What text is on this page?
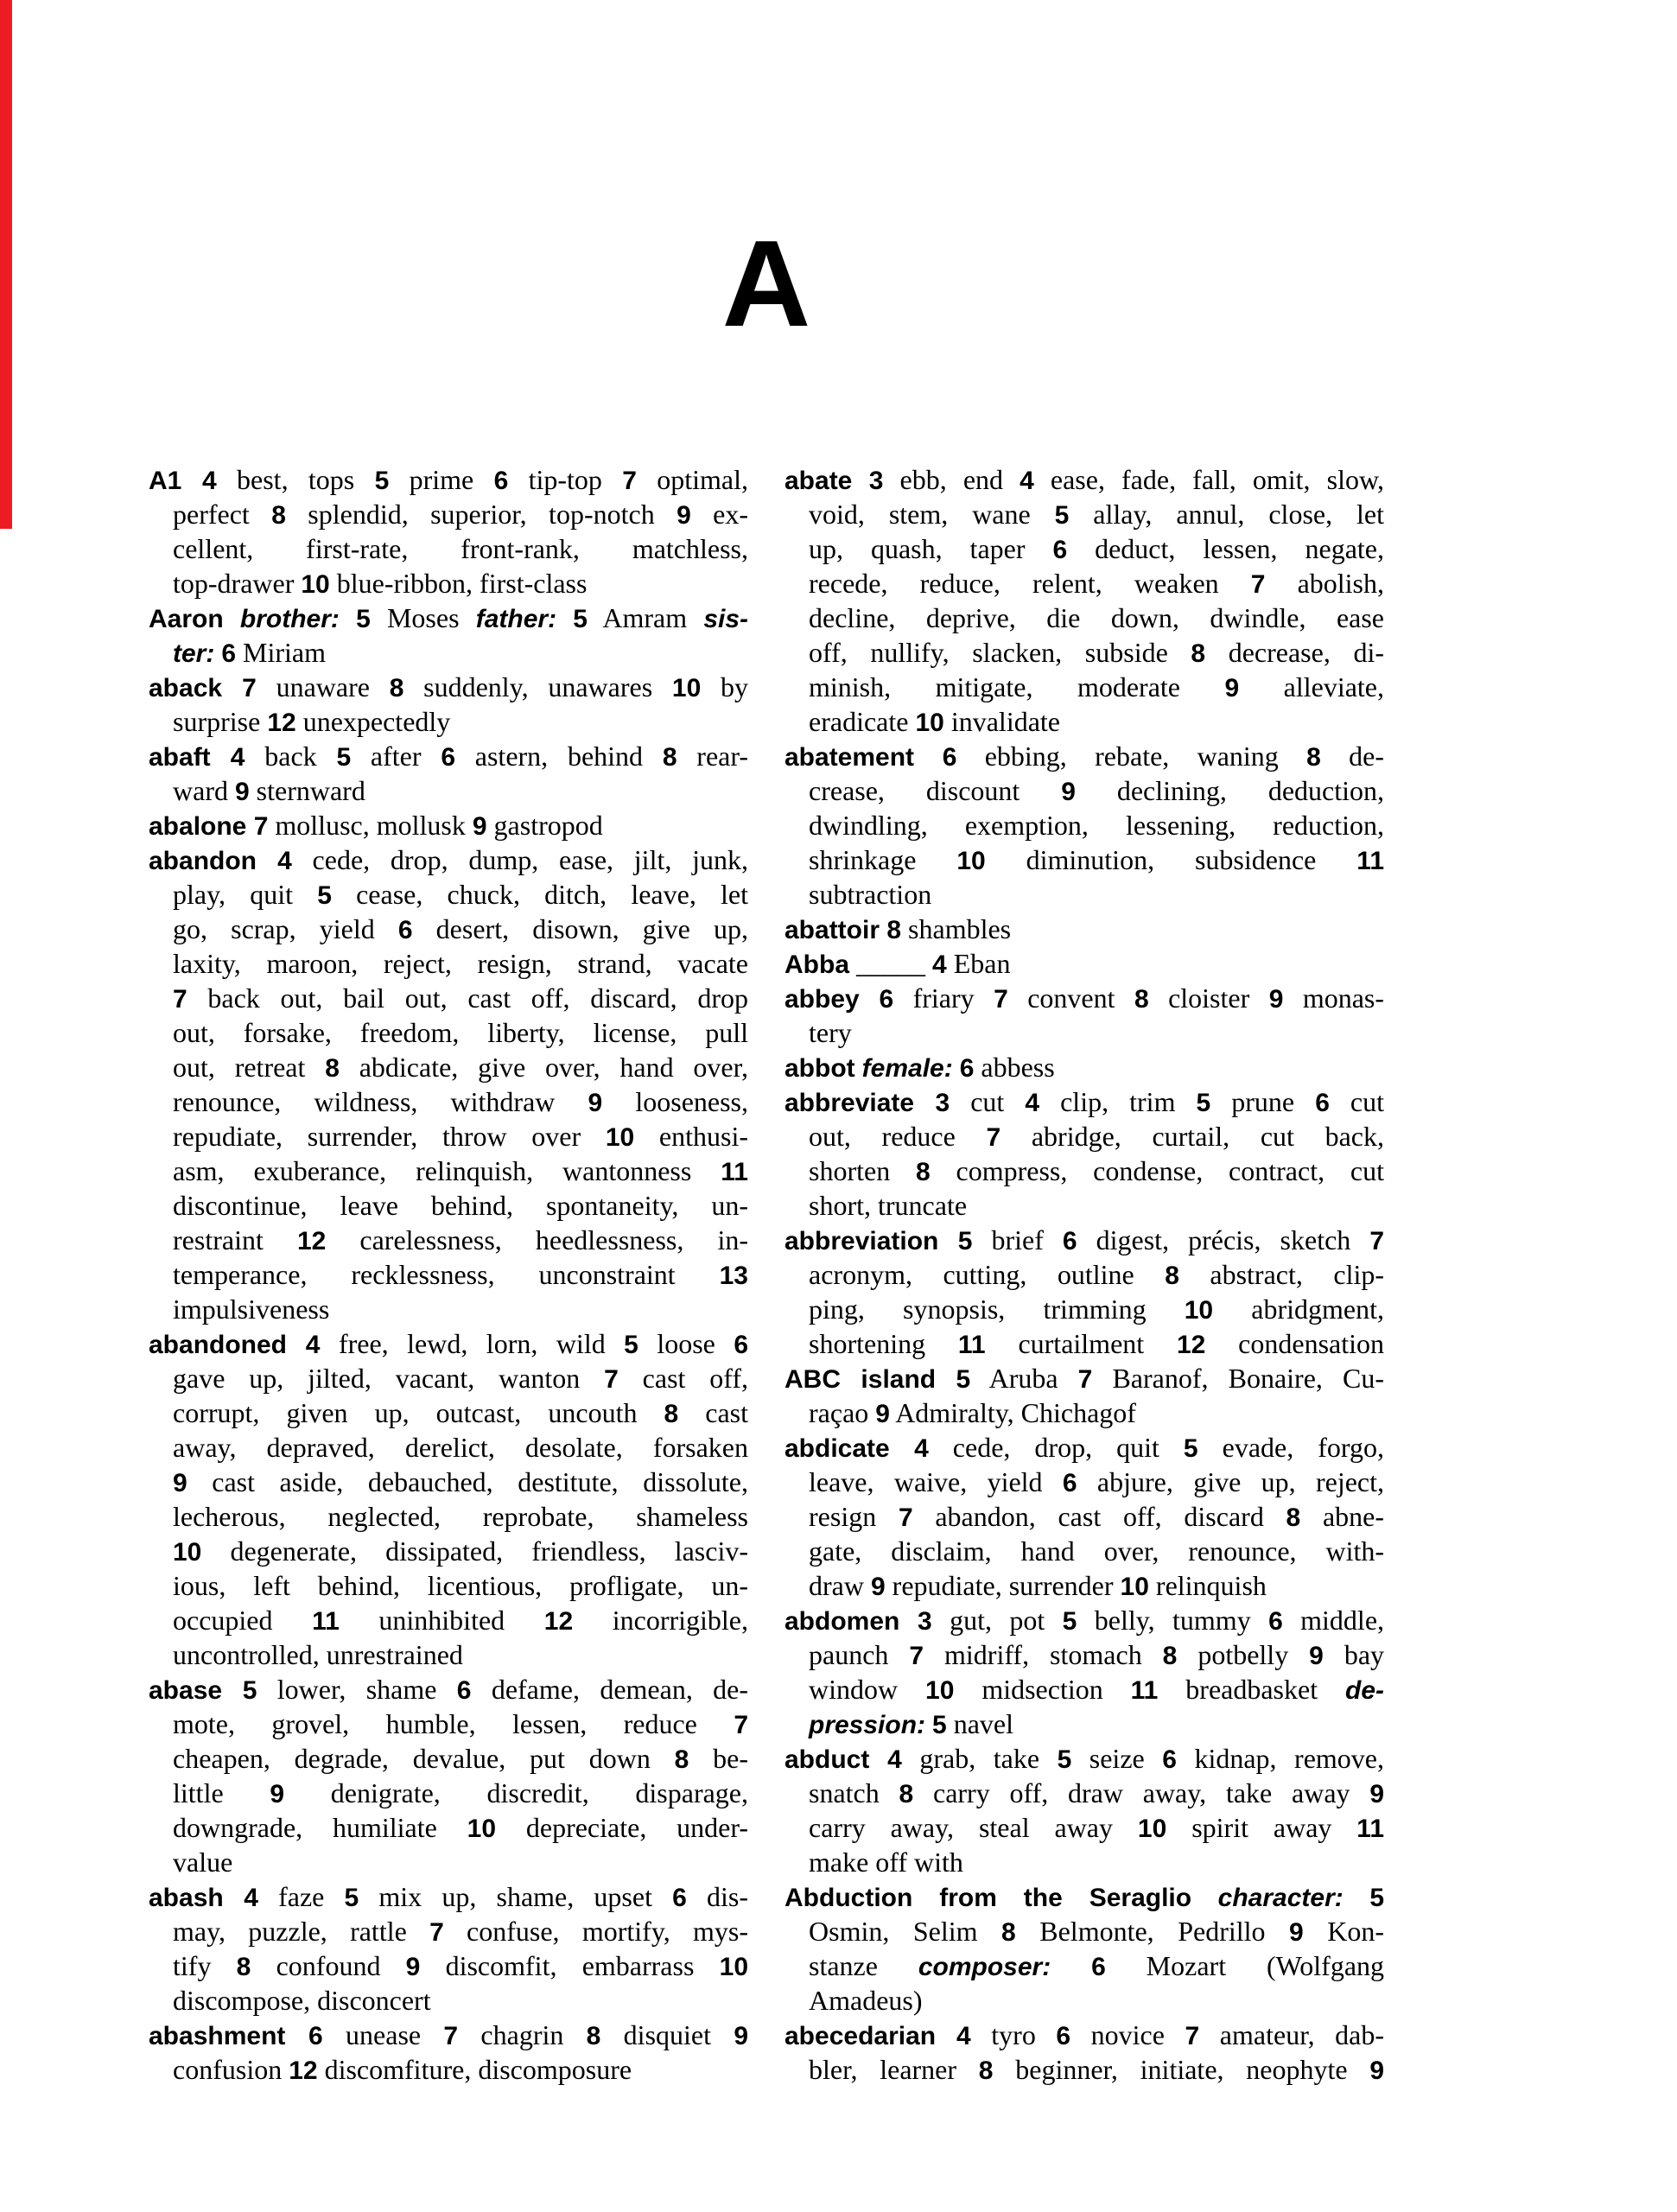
A
A1 4 best, tops 5 prime 6 tip-top 7 optimal,
perfect 8 splendid, superior, top-notch 9 ex-
cellent, first-rate, front-rank, matchless,
top-drawer 10 blue-ribbon, first-class
Aaron brother: 5 Moses father: 5 Amram sis-
ter: 6 Miriam
aback 7 unaware 8 suddenly, unawares 10 by
surprise 12 unexpectedly
abaft 4 back 5 after 6 astern, behind 8 rear-
ward 9 sternward
abalone 7 mollusc, mollusk 9 gastropod
abandon 4 cede, drop, dump, ease, jilt, junk,
play, quit 5 cease, chuck, ditch, leave, let
go, scrap, yield 6 desert, disown, give up,
laxity, maroon, reject, resign, strand, vacate
7 back out, bail out, cast off, discard, drop
out, forsake, freedom, liberty, license, pull
out, retreat 8 abdicate, give over, hand over,
renounce, wildness, withdraw 9 looseness,
repudiate, surrender, throw over 10 enthusi-
asm, exuberance, relinquish, wantonness 11
discontinue, leave behind, spontaneity, un-
restraint 12 carelessness, heedlessness, in-
temperance, recklessness, unconstraint 13
impulsiveness
abandoned 4 free, lewd, lorn, wild 5 loose 6
gave up, jilted, vacant, wanton 7 cast off,
corrupt, given up, outcast, uncouth 8 cast
away, depraved, derelict, desolate, forsaken
9 cast aside, debauched, destitute, dissolute,
lecherous, neglected, reprobate, shameless
10 degenerate, dissipated, friendless, lasciv-
ious, left behind, licentious, profligate, un-
occupied 11 uninhibited 12 incorrigible,
uncontrolled, unrestrained
abase 5 lower, shame 6 defame, demean, de-
mote, grovel, humble, lessen, reduce 7
cheapen, degrade, devalue, put down 8 be-
little 9 denigrate, discredit, disparage,
downgrade, humiliate 10 depreciate, under-
value
abash 4 faze 5 mix up, shame, upset 6 dis-
may, puzzle, rattle 7 confuse, mortify, mys-
tify 8 confound 9 discomfit, embarrass 10
discompose, disconcert
abashment 6 unease 7 chagrin 8 disquiet 9
confusion 12 discomfiture, discomposure
abate 3 ebb, end 4 ease, fade, fall, omit, slow,
void, stem, wane 5 allay, annul, close, let
up, quash, taper 6 deduct, lessen, negate,
recede, reduce, relent, weaken 7 abolish,
decline, deprive, die down, dwindle, ease
off, nullify, slacken, subside 8 decrease, di-
minish, mitigate, moderate 9 alleviate,
eradicate 10 invalidate
abatement 6 ebbing, rebate, waning 8 de-
crease, discount 9 declining, deduction,
dwindling, exemption, lessening, reduction,
shrinkage 10 diminution, subsidence 11
subtraction
abattoir 8 shambles
Abba _____ 4 Eban
abbey 6 friary 7 convent 8 cloister 9 monas-
tery
abbot female: 6 abbess
abbreviate 3 cut 4 clip, trim 5 prune 6 cut
out, reduce 7 abridge, curtail, cut back,
shorten 8 compress, condense, contract, cut
short, truncate
abbreviation 5 brief 6 digest, précis, sketch 7
acronym, cutting, outline 8 abstract, clip-
ping, synopsis, trimming 10 abridgment,
shortening 11 curtailment 12 condensation
ABC island 5 Aruba 7 Baranof, Bonaire, Cu-
raçao 9 Admiralty, Chichagof
abdicate 4 cede, drop, quit 5 evade, forgo,
leave, waive, yield 6 abjure, give up, reject,
resign 7 abandon, cast off, discard 8 abne-
gate, disclaim, hand over, renounce, with-
draw 9 repudiate, surrender 10 relinquish
abdomen 3 gut, pot 5 belly, tummy 6 middle,
paunch 7 midriff, stomach 8 potbelly 9 bay
window 10 midsection 11 breadbasket de-
pression: 5 navel
abduct 4 grab, take 5 seize 6 kidnap, remove,
snatch 8 carry off, draw away, take away 9
carry away, steal away 10 spirit away 11
make off with
Abduction from the Seraglio character: 5
Osmin, Selim 8 Belmonte, Pedrillo 9 Kon-
stanze composer: 6 Mozart (Wolfgang
Amadeus)
abecedarian 4 tyro 6 novice 7 amateur, dab-
bler, learner 8 beginner, initiate, neophyte 9
